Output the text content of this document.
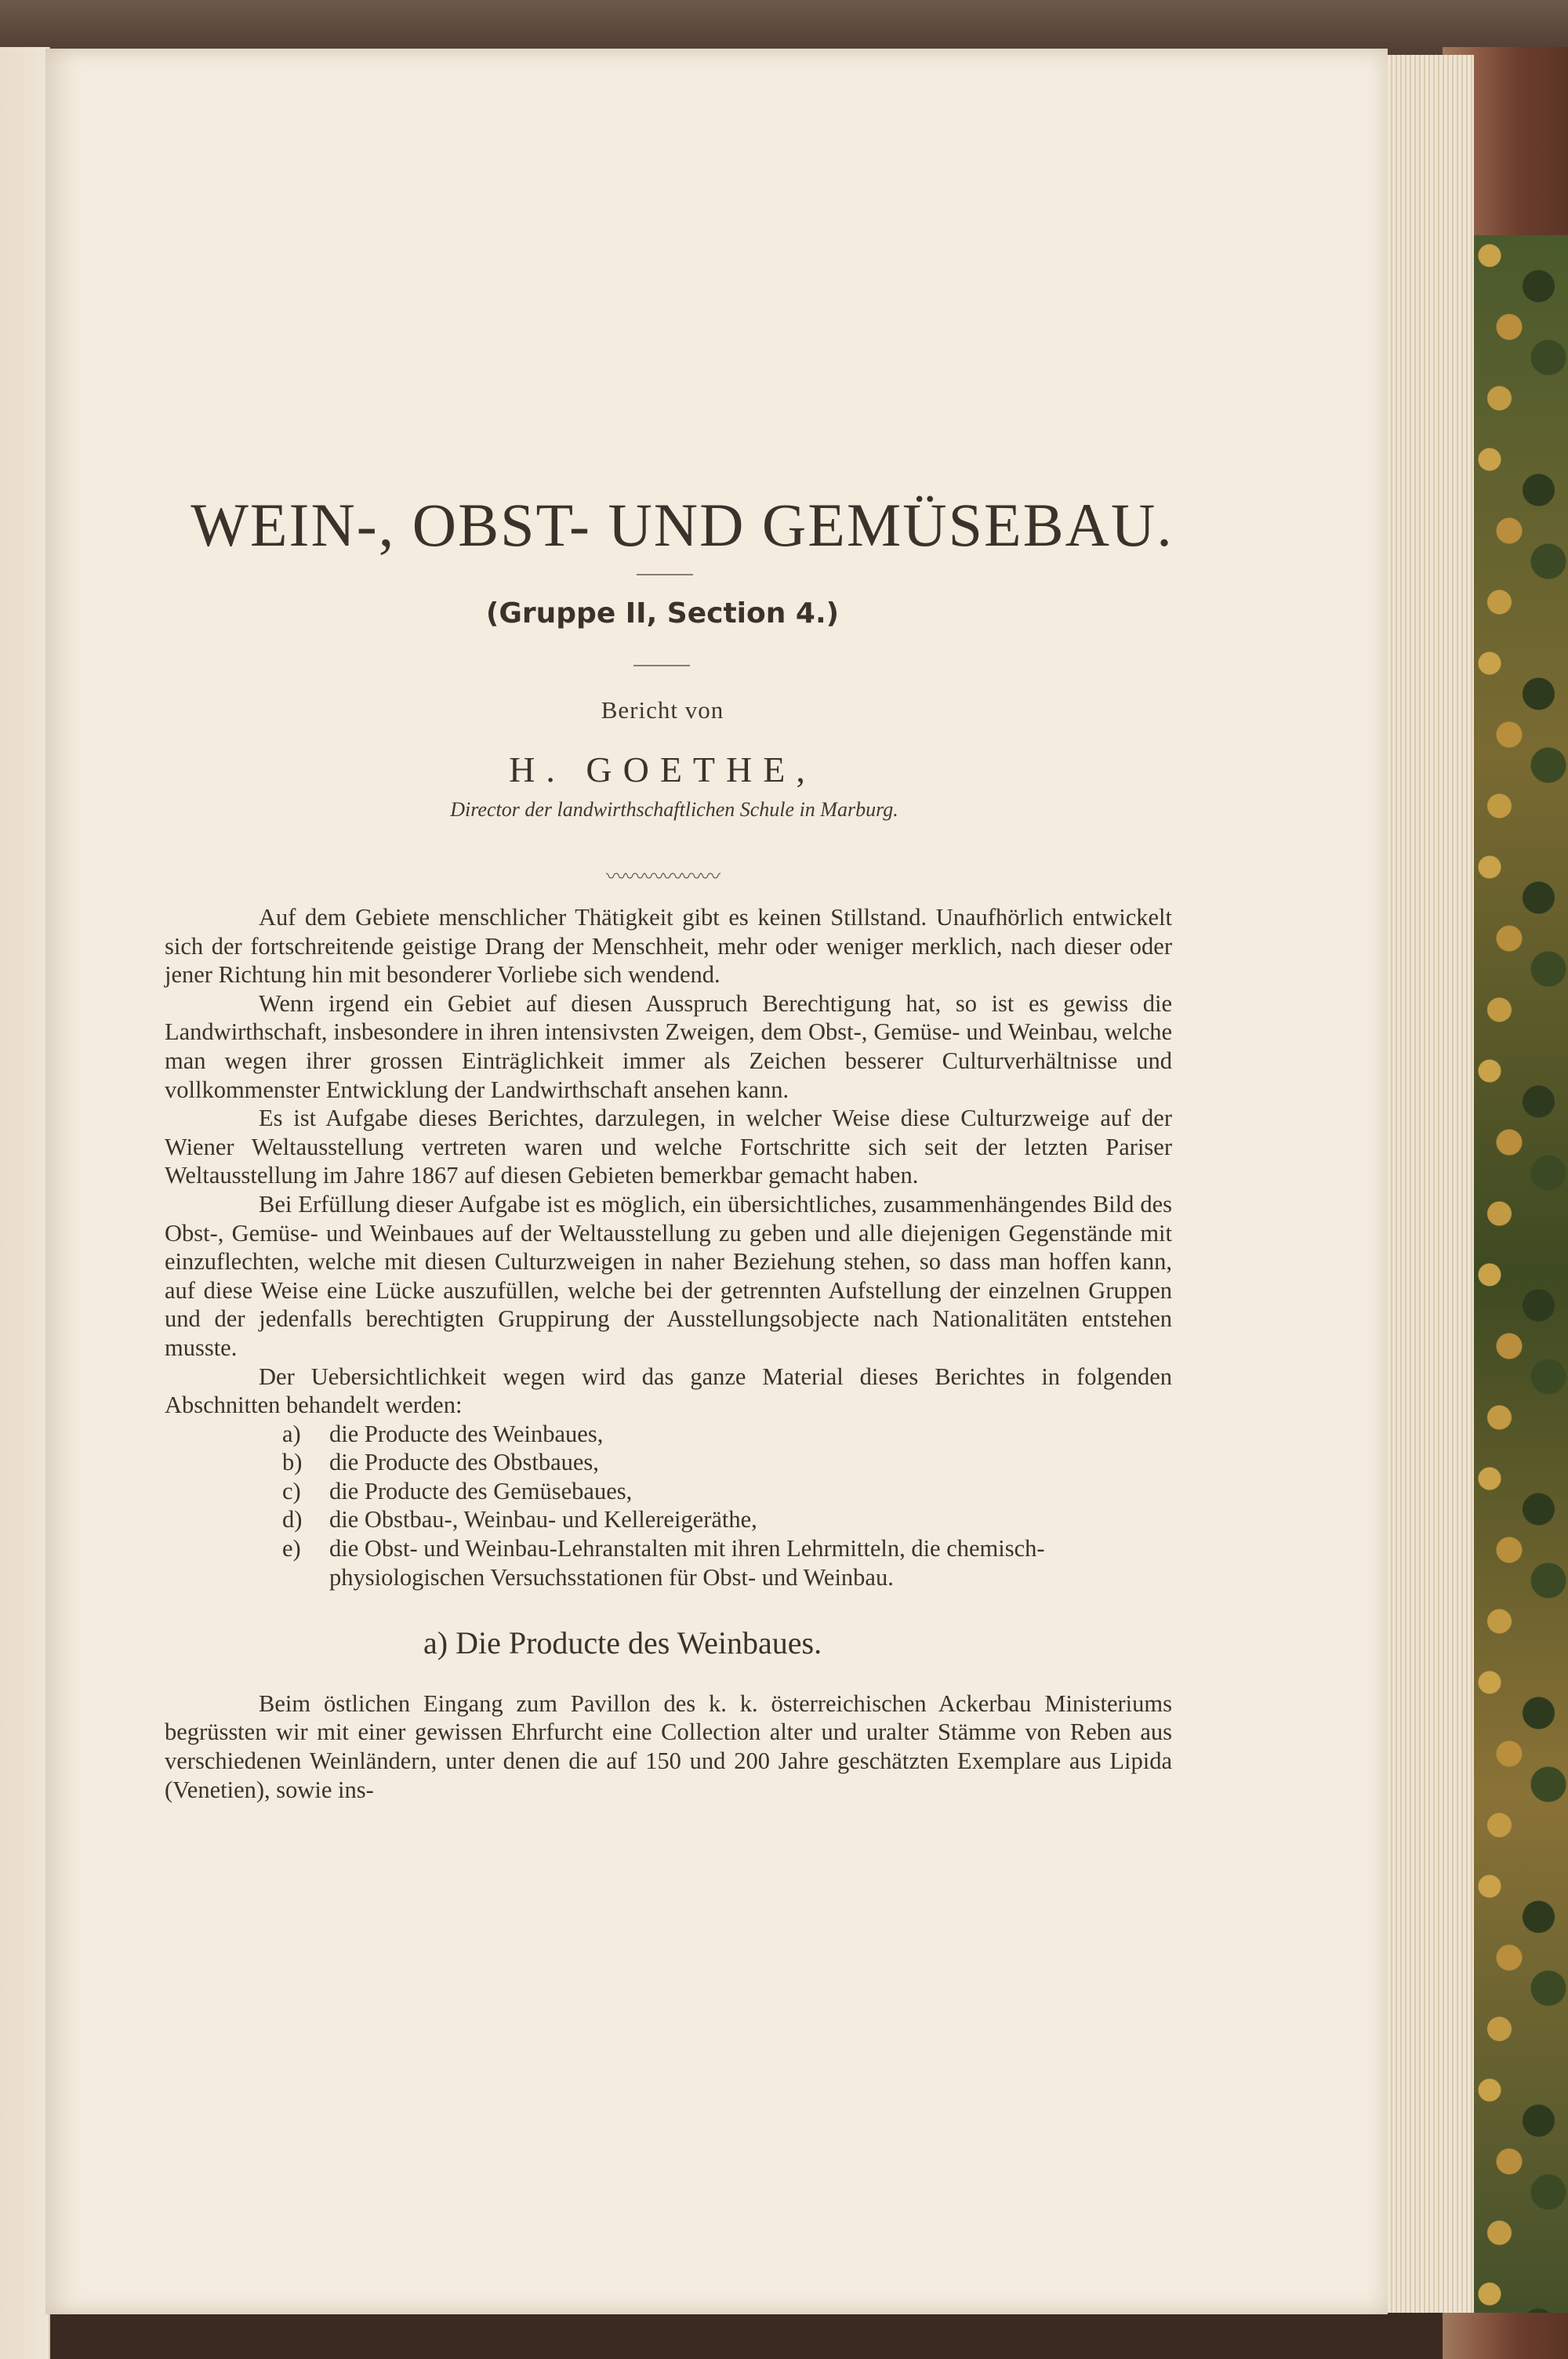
WEIN-, OBST- UND GEMÜSEBAU.
(Gruppe II, Section 4.)
Bericht von
H. GOETHE,
Director der landwirthschaftlichen Schule in Marburg.
〰〰〰〰〰〰

Auf dem Gebiete menschlicher Thätigkeit gibt es keinen Stillstand. Unaufhörlich entwickelt sich der fortschreitende geistige Drang der Menschheit, mehr oder weniger merklich, nach dieser oder jener Richtung hin mit besonderer Vorliebe sich wendend.

Wenn irgend ein Gebiet auf diesen Ausspruch Berechtigung hat, so ist es gewiss die Landwirthschaft, insbesondere in ihren intensivsten Zweigen, dem Obst-, Gemüse- und Weinbau, welche man wegen ihrer grossen Einträglichkeit immer als Zeichen besserer Culturverhältnisse und vollkommenster Entwicklung der Landwirthschaft ansehen kann.

Es ist Aufgabe dieses Berichtes, darzulegen, in welcher Weise diese Culturzweige auf der Wiener Weltausstellung vertreten waren und welche Fortschritte sich seit der letzten Pariser Weltausstellung im Jahre 1867 auf diesen Gebieten bemerkbar gemacht haben.

Bei Erfüllung dieser Aufgabe ist es möglich, ein übersichtliches, zusammenhängendes Bild des Obst-, Gemüse- und Weinbaues auf der Weltausstellung zu geben und alle diejenigen Gegenstände mit einzuflechten, welche mit diesen Culturzweigen in naher Beziehung stehen, so dass man hoffen kann, auf diese Weise eine Lücke auszufüllen, welche bei der getrennten Aufstellung der einzelnen Gruppen und der jedenfalls berechtigten Gruppirung der Ausstellungsobjecte nach Nationalitäten entstehen musste.

Der Uebersichtlichkeit wegen wird das ganze Material dieses Berichtes in folgenden Abschnitten behandelt werden:

a) die Producte des Weinbaues,
b) die Producte des Obstbaues,
c) die Producte des Gemüsebaues,
d) die Obstbau-, Weinbau- und Kellereigeräthe,
e) die Obst- und Weinbau-Lehranstalten mit ihren Lehrmitteln, die chemisch-physiologischen Versuchsstationen für Obst- und Weinbau.
a) Die Producte des Weinbaues.

Beim östlichen Eingang zum Pavillon des k. k. österreichischen Ackerbau Ministeriums begrüssten wir mit einer gewissen Ehrfurcht eine Collection alter und uralter Stämme von Reben aus verschiedenen Weinländern, unter denen die auf 150 und 200 Jahre geschätzten Exemplare aus Lipida (Venetien), sowie ins-
